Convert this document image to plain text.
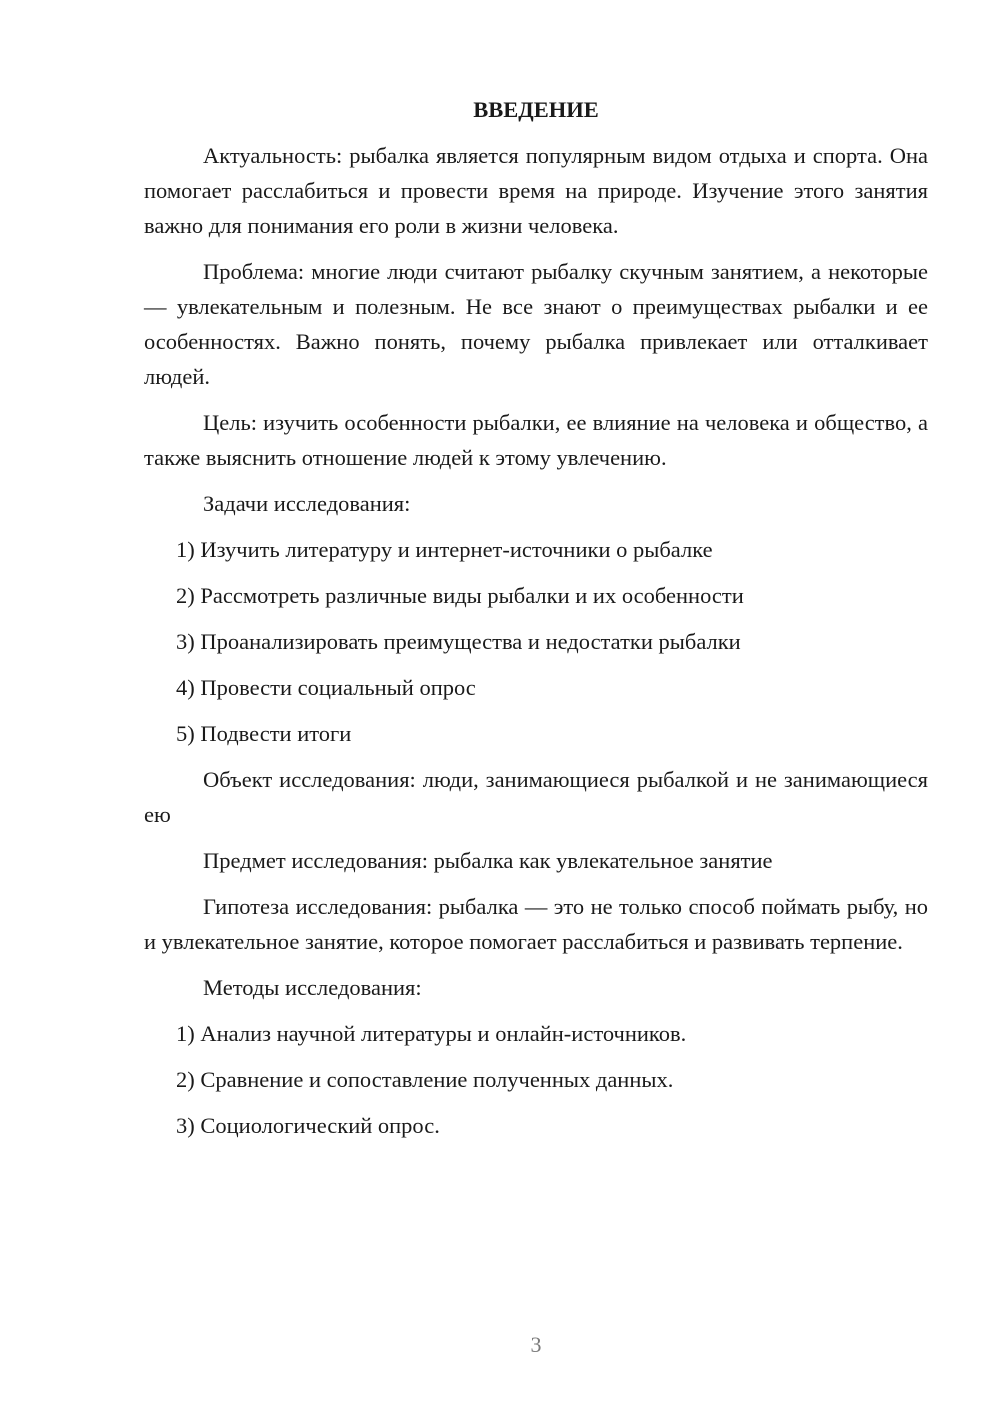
ВВЕДЕНИЕ

Актуальность: рыбалка является популярным видом отдыха и спорта. Она помогает расслабиться и провести время на природе. Изучение этого занятия важно для понимания его роли в жизни человека.

Проблема: многие люди считают рыбалку скучным занятием, а некоторые — увлекательным и полезным. Не все знают о преимуществах рыбалки и ее особенностях. Важно понять, почему рыбалка привлекает или отталкивает людей.

Цель: изучить особенности рыбалки, ее влияние на человека и общество, а также выяснить отношение людей к этому увлечению.

Задачи исследования:
1) Изучить литературу и интернет-источники о рыбалке
2) Рассмотреть различные виды рыбалки и их особенности
3) Проанализировать преимущества и недостатки рыбалки
4) Провести социальный опрос
5) Подвести итоги

Объект исследования: люди, занимающиеся рыбалкой и не занимающиеся ею

Предмет исследования: рыбалка как увлекательное занятие

Гипотеза исследования: рыбалка — это не только способ поймать рыбу, но и увлекательное занятие, которое помогает расслабиться и развивать терпение.

Методы исследования:
1) Анализ научной литературы и онлайн-источников.
2) Сравнение и сопоставление полученных данных.
3) Социологический опрос.
3
